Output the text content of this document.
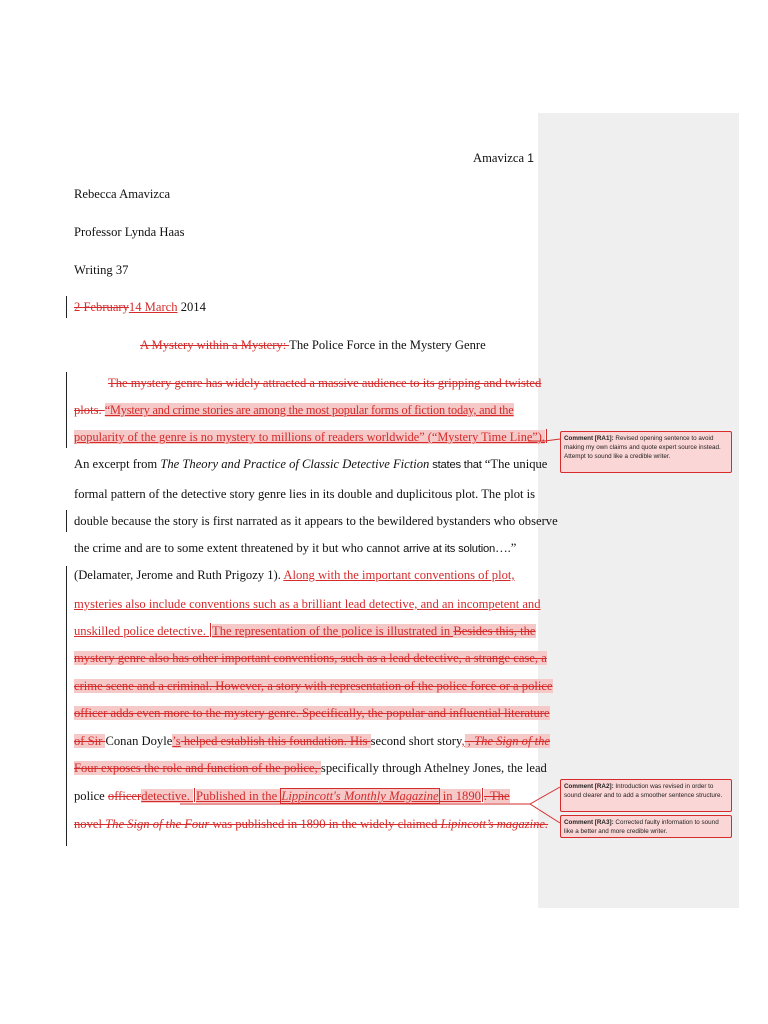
Amavizca 1
Rebecca Amavizca
Professor Lynda Haas
Writing 37
2 February14 March 2014
A Mystery within a Mystery: The Police Force in the Mystery Genre
The mystery genre has widely attracted a massive audience to its gripping and twisted
plots. “Mystery and crime stories are among the most popular forms of fiction today, and the
popularity of the genre is no mystery to millions of readers worldwide” (“Mystery Time Line”).
An excerpt from The Theory and Practice of Classic Detective Fiction states that “The unique
formal pattern of the detective story genre lies in its double and duplicitous plot. The plot is
double because the story is first narrated as it appears to the bewildered bystanders who observe
the crime and are to some extent threatened by it but who cannot arrive at its solution….”
(Delamater, Jerome and Ruth Prigozy 1). Along with the important conventions of plot,
mysteries also include conventions such as a brilliant lead detective, and an incompetent and
unskilled police detective. The representation of the police is illustrated in Besides this, the
mystery genre also has other important conventions, such as a lead detective, a strange case, a
crime scene and a criminal. However, a story with representation of the police force or a police
officer adds even more to the mystery genre. Specifically, the popular and influential literature
of Sir Conan Doyle’s helped establish this foundation. His second short story, , The Sign of the
Four exposes the role and function of the police, specifically through Athelney Jones, the lead
police officerdetective. Published in the Lippincott's Monthly Magazine in 1890 . The
novel The Sign of the Four was published in 1890 in the widely claimed Lipincott’s magazine.
Comment [RA1]: Revised opening sentence to avoid making my own claims and quote expert source instead. Attempt to sound like a credible writer.
Comment [RA2]: Introduction was revised in order to sound clearer and to add a smoother sentence structure.
Comment [RA3]: Corrected faulty information to sound like a better and more credible writer.
